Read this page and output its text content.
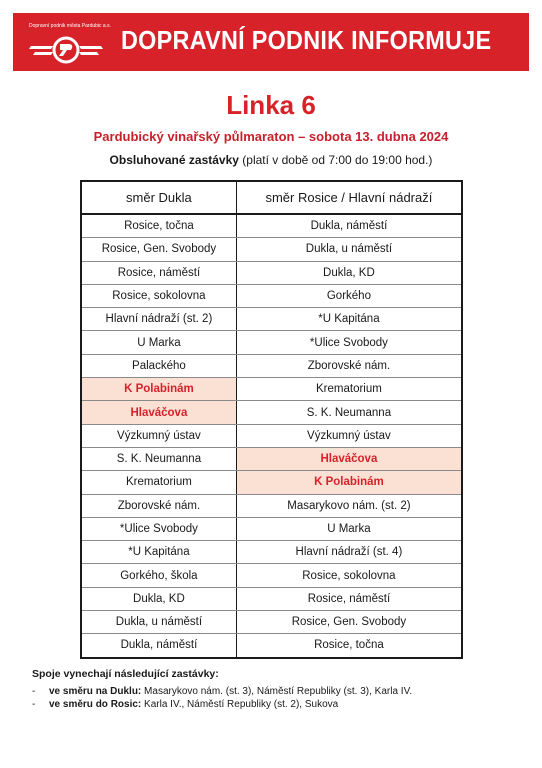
Dopravní podnik města Pardubic a.s. DOPRAVNÍ PODNIK INFORMUJE
Linka 6
Pardubický vinařský půlmaraton – sobota 13. dubna 2024
Obsluhované zastávky (platí v době od 7:00 do 19:00 hod.)
směr Dukla	směr Rosice / Hlavní nádraží
Rosice, točna	Dukla, náměstí
Rosice, Gen. Svobody	Dukla, u náměstí
Rosice, náměstí	Dukla, KD
Rosice, sokolovna	Gorkého
Hlavní nádraží (st. 2)	*U Kapitána
U Marka	*Ulice Svobody
Palackého	Zborovské nám.
K Polabinám	Krematorium
Hlaváčova	S. K. Neumanna
Výzkumný ústav	Výzkumný ústav
S. K. Neumanna	Hlaváčova
Krematorium	K Polabinám
Zborovské nám.	Masarykovo nám. (st. 2)
*Ulice Svobody	U Marka
*U Kapitána	Hlavní nádraží (st. 4)
Gorkého, škola	Rosice, sokolovna
Dukla, KD	Rosice, náměstí
Dukla, u náměstí	Rosice, Gen. Svobody
Dukla, náměstí	Rosice, točna
Spoje vynechají následující zastávky:
-	ve směru na Duklu: Masarykovo nám. (st. 3), Náměstí Republiky (st. 3), Karla IV.
-	ve směru do Rosic: Karla IV., Náměstí Republiky (st. 2), Sukova
